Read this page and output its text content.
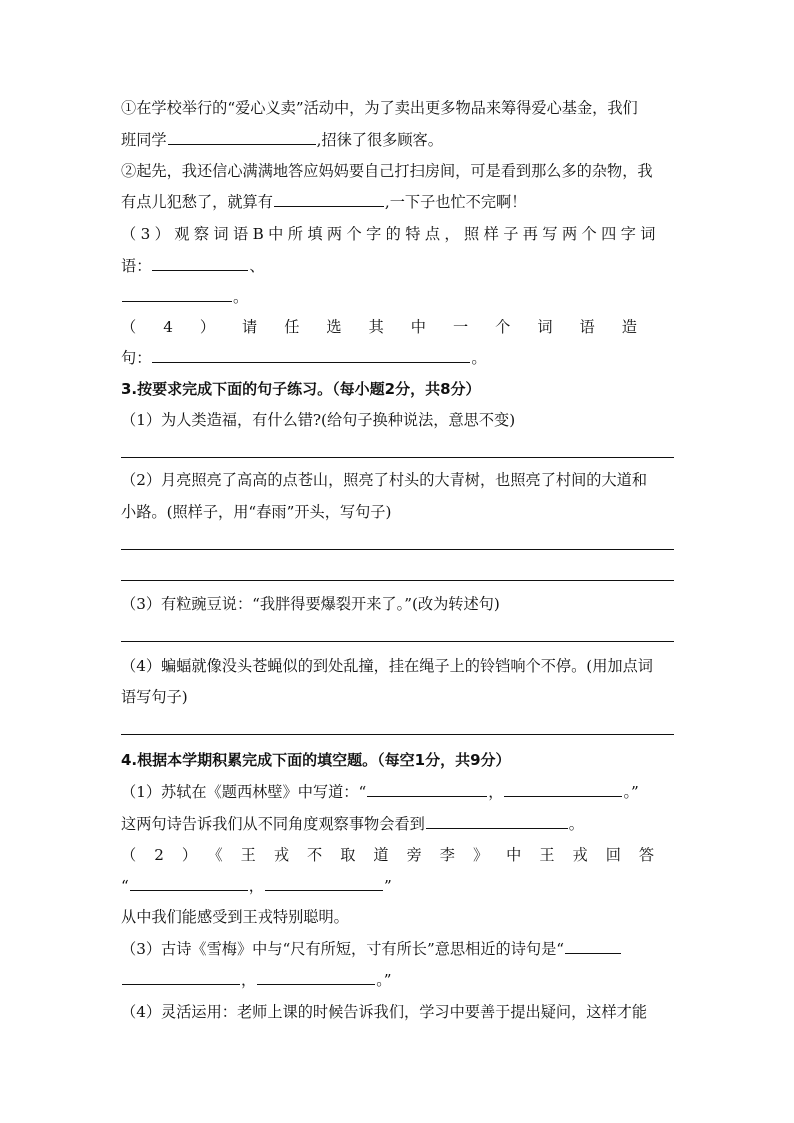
①在学校举行的“爱心义卖”活动中，为了卖出更多物品来筹得爱心基金，我们
班同学	,招徕了很多顾客。
②起先，我还信心满满地答应妈妈要自己打扫房间，可是看到那么多的杂物，我
有点儿犯愁了，就算有	,一下子也忙不完啊！
（3）观察词语B中所填两个字的特点，照样子再写两个四字词
语：	、
。
（4）请任选其中一个词语造
句：	。
3.按要求完成下面的句子练习。（每小题2分，共8分）
（1）为人类造福，有什么错?(给句子换种说法，意思不变)
（2）月亮照亮了高高的点苍山，照亮了村头的大青树，也照亮了村间的大道和
小路。(照样子，用“春雨”开头，写句子)
（3）有粒豌豆说：“我胖得要爆裂开来了。”(改为转述句)
（4）蝙蝠就像没头苍蝇似的到处乱撞，挂在绳子上的铃铛响个不停。(用加点词
语写句子)
4.根据本学期积累完成下面的填空题。（每空1分，共9分）
（1）苏轼在《题西林壁》中写道：“	，	。”
这两句诗告诉我们从不同角度观察事物会看到	。
（2）《王戎不取道旁李》中王戎回答
“	，	”
从中我们能感受到王戎特别聪明。
（3）古诗《雪梅》中与“尺有所短，寸有所长”意思相近的诗句是“
，	。”
（4）灵活运用：老师上课的时候告诉我们，学习中要善于提出疑问，这样才能
